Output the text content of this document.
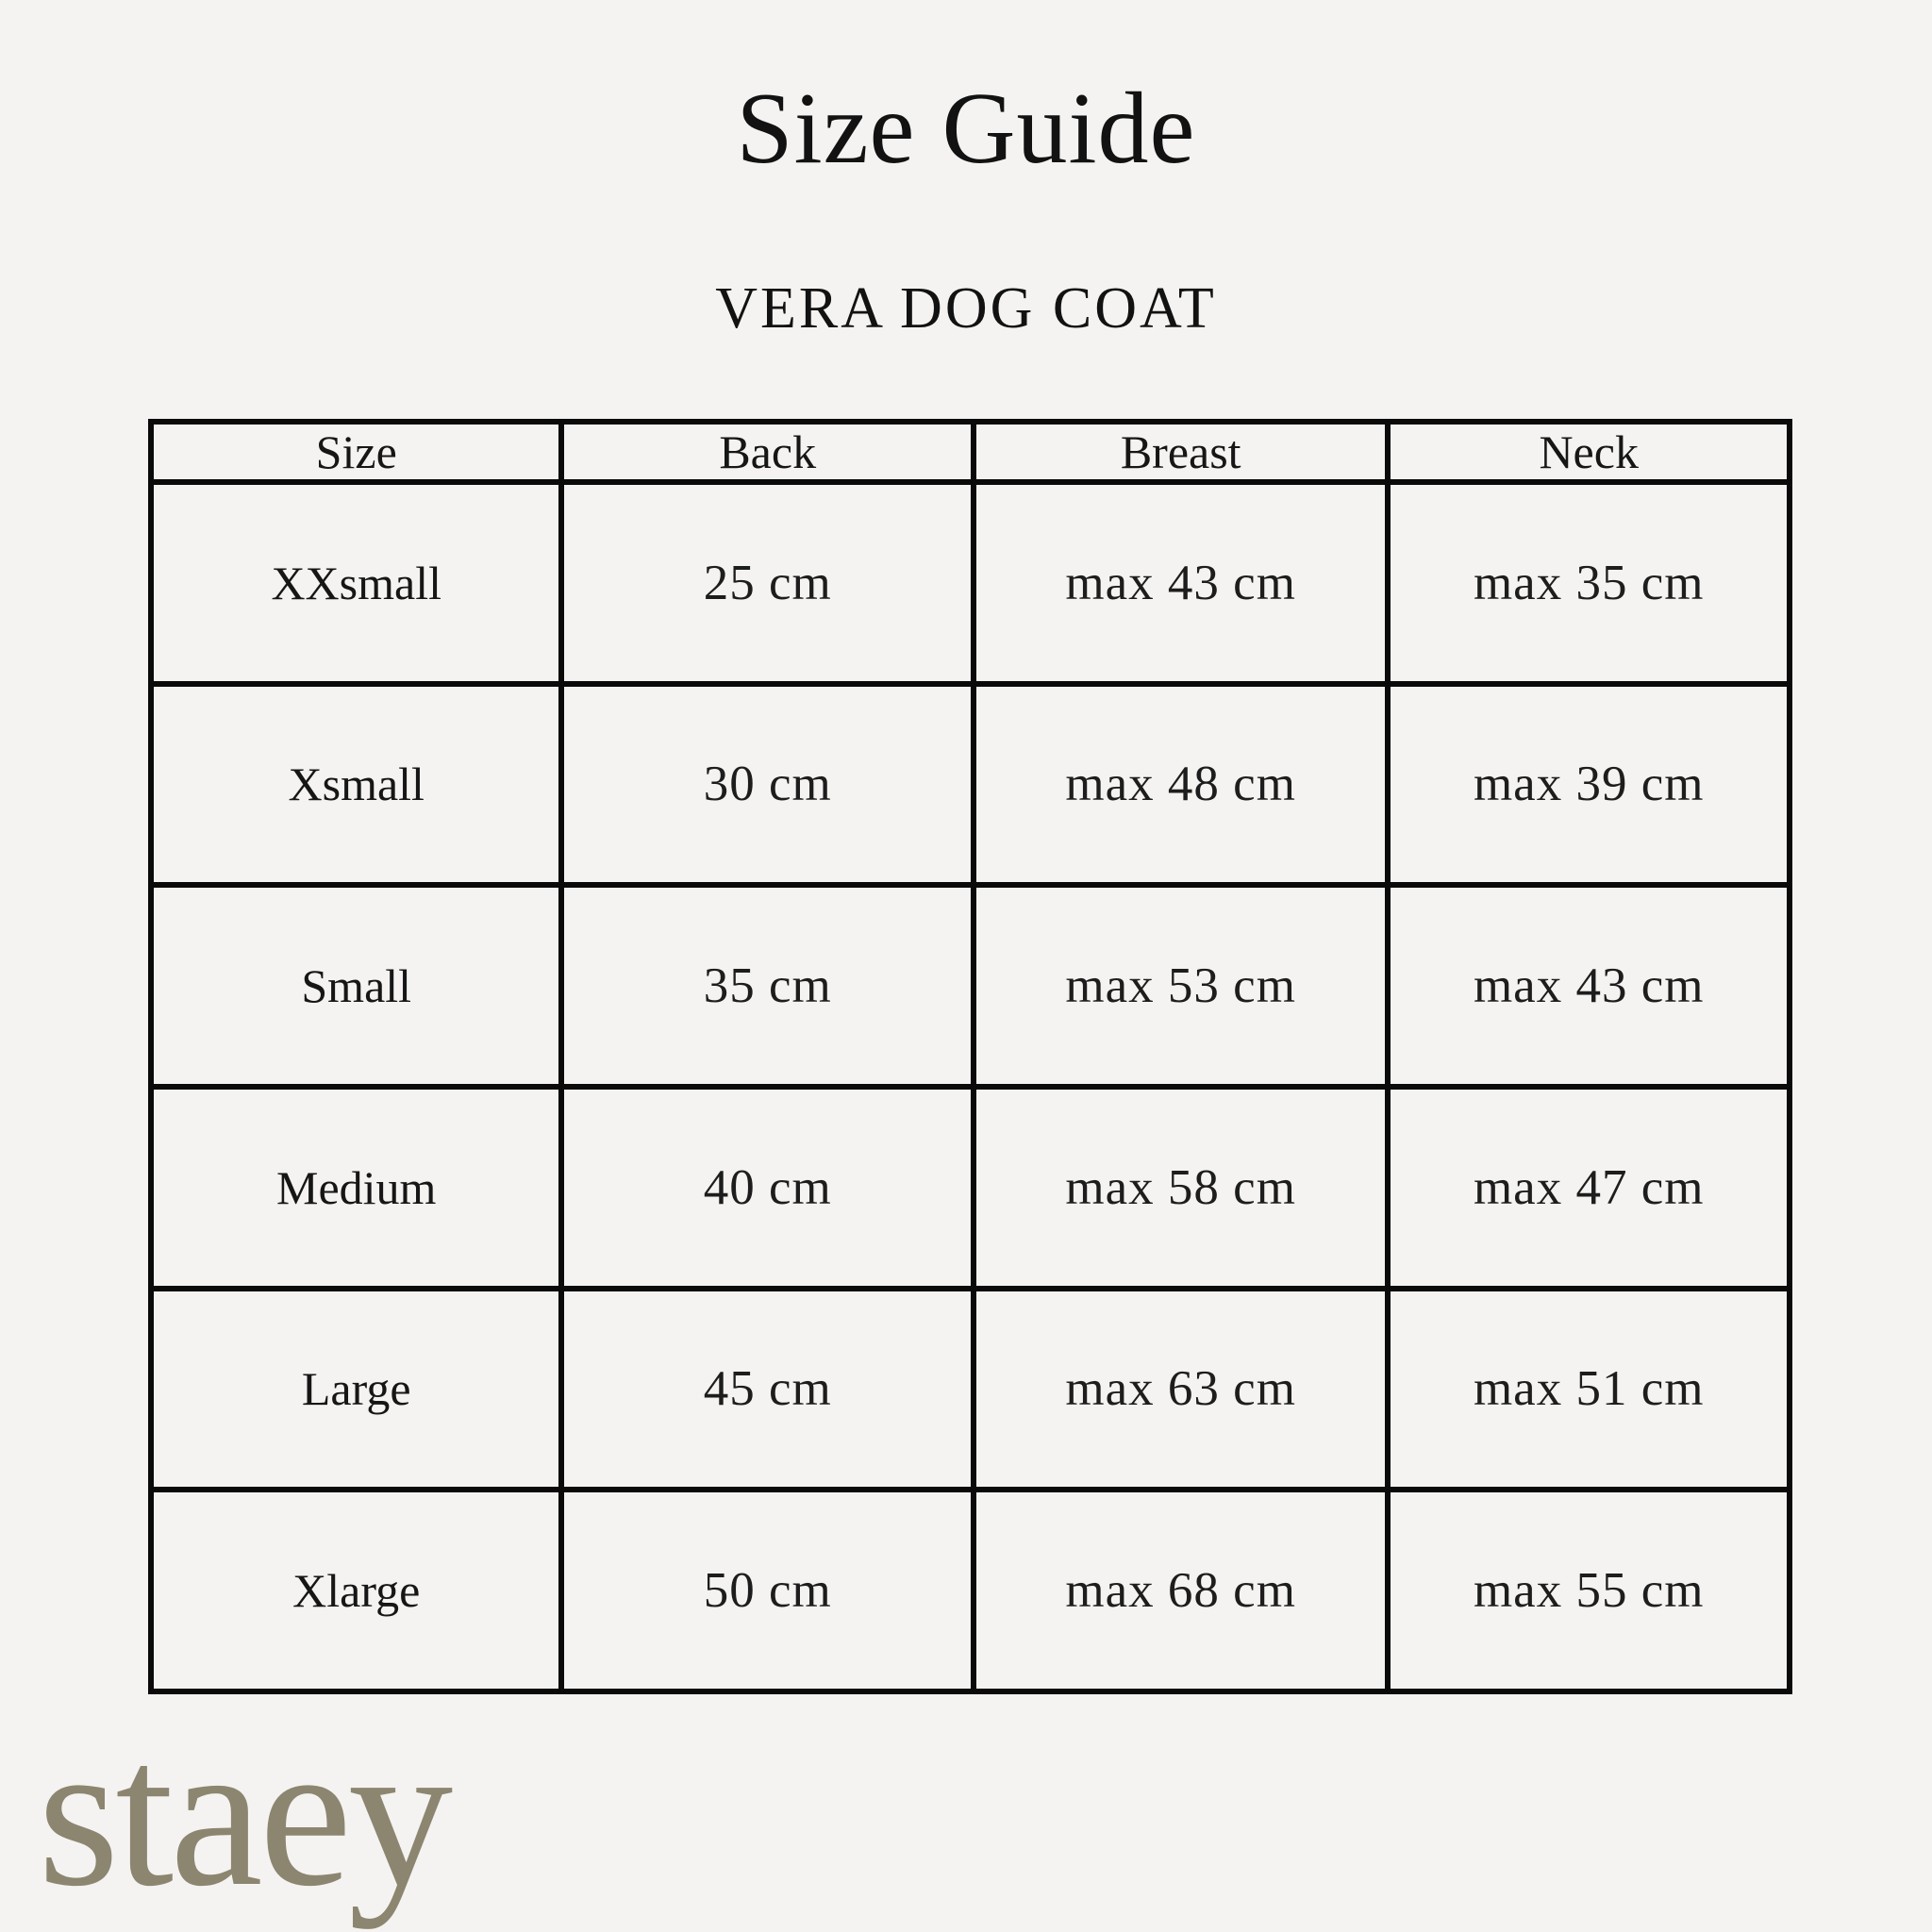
Size Guide
VERA DOG COAT
Size	Back	Breast	Neck
XXsmall	25 cm	max 43 cm	max 35 cm
Xsmall	30 cm	max 48 cm	max 39 cm
Small	35 cm	max 53 cm	max 43 cm
Medium	40 cm	max 58 cm	max 47 cm
Large	45 cm	max 63 cm	max 51 cm
Xlarge	50 cm	max 68 cm	max 55 cm
staey
